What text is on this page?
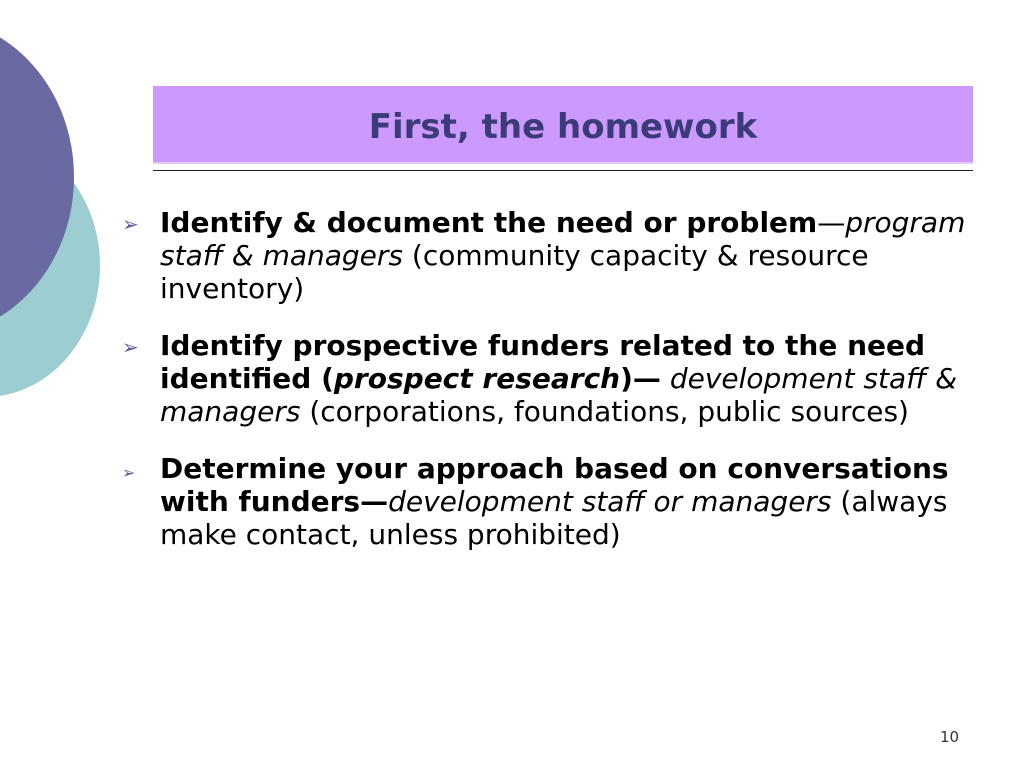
First, the homework
➢ Identify & document the need or problem—program staff & managers (community capacity & resource inventory)
➢ Identify prospective funders related to the need identified (prospect research)— development staff & managers (corporations, foundations, public sources)
➢ Determine your approach based on conversations with funders—development staff or managers (always make contact, unless prohibited)
10
